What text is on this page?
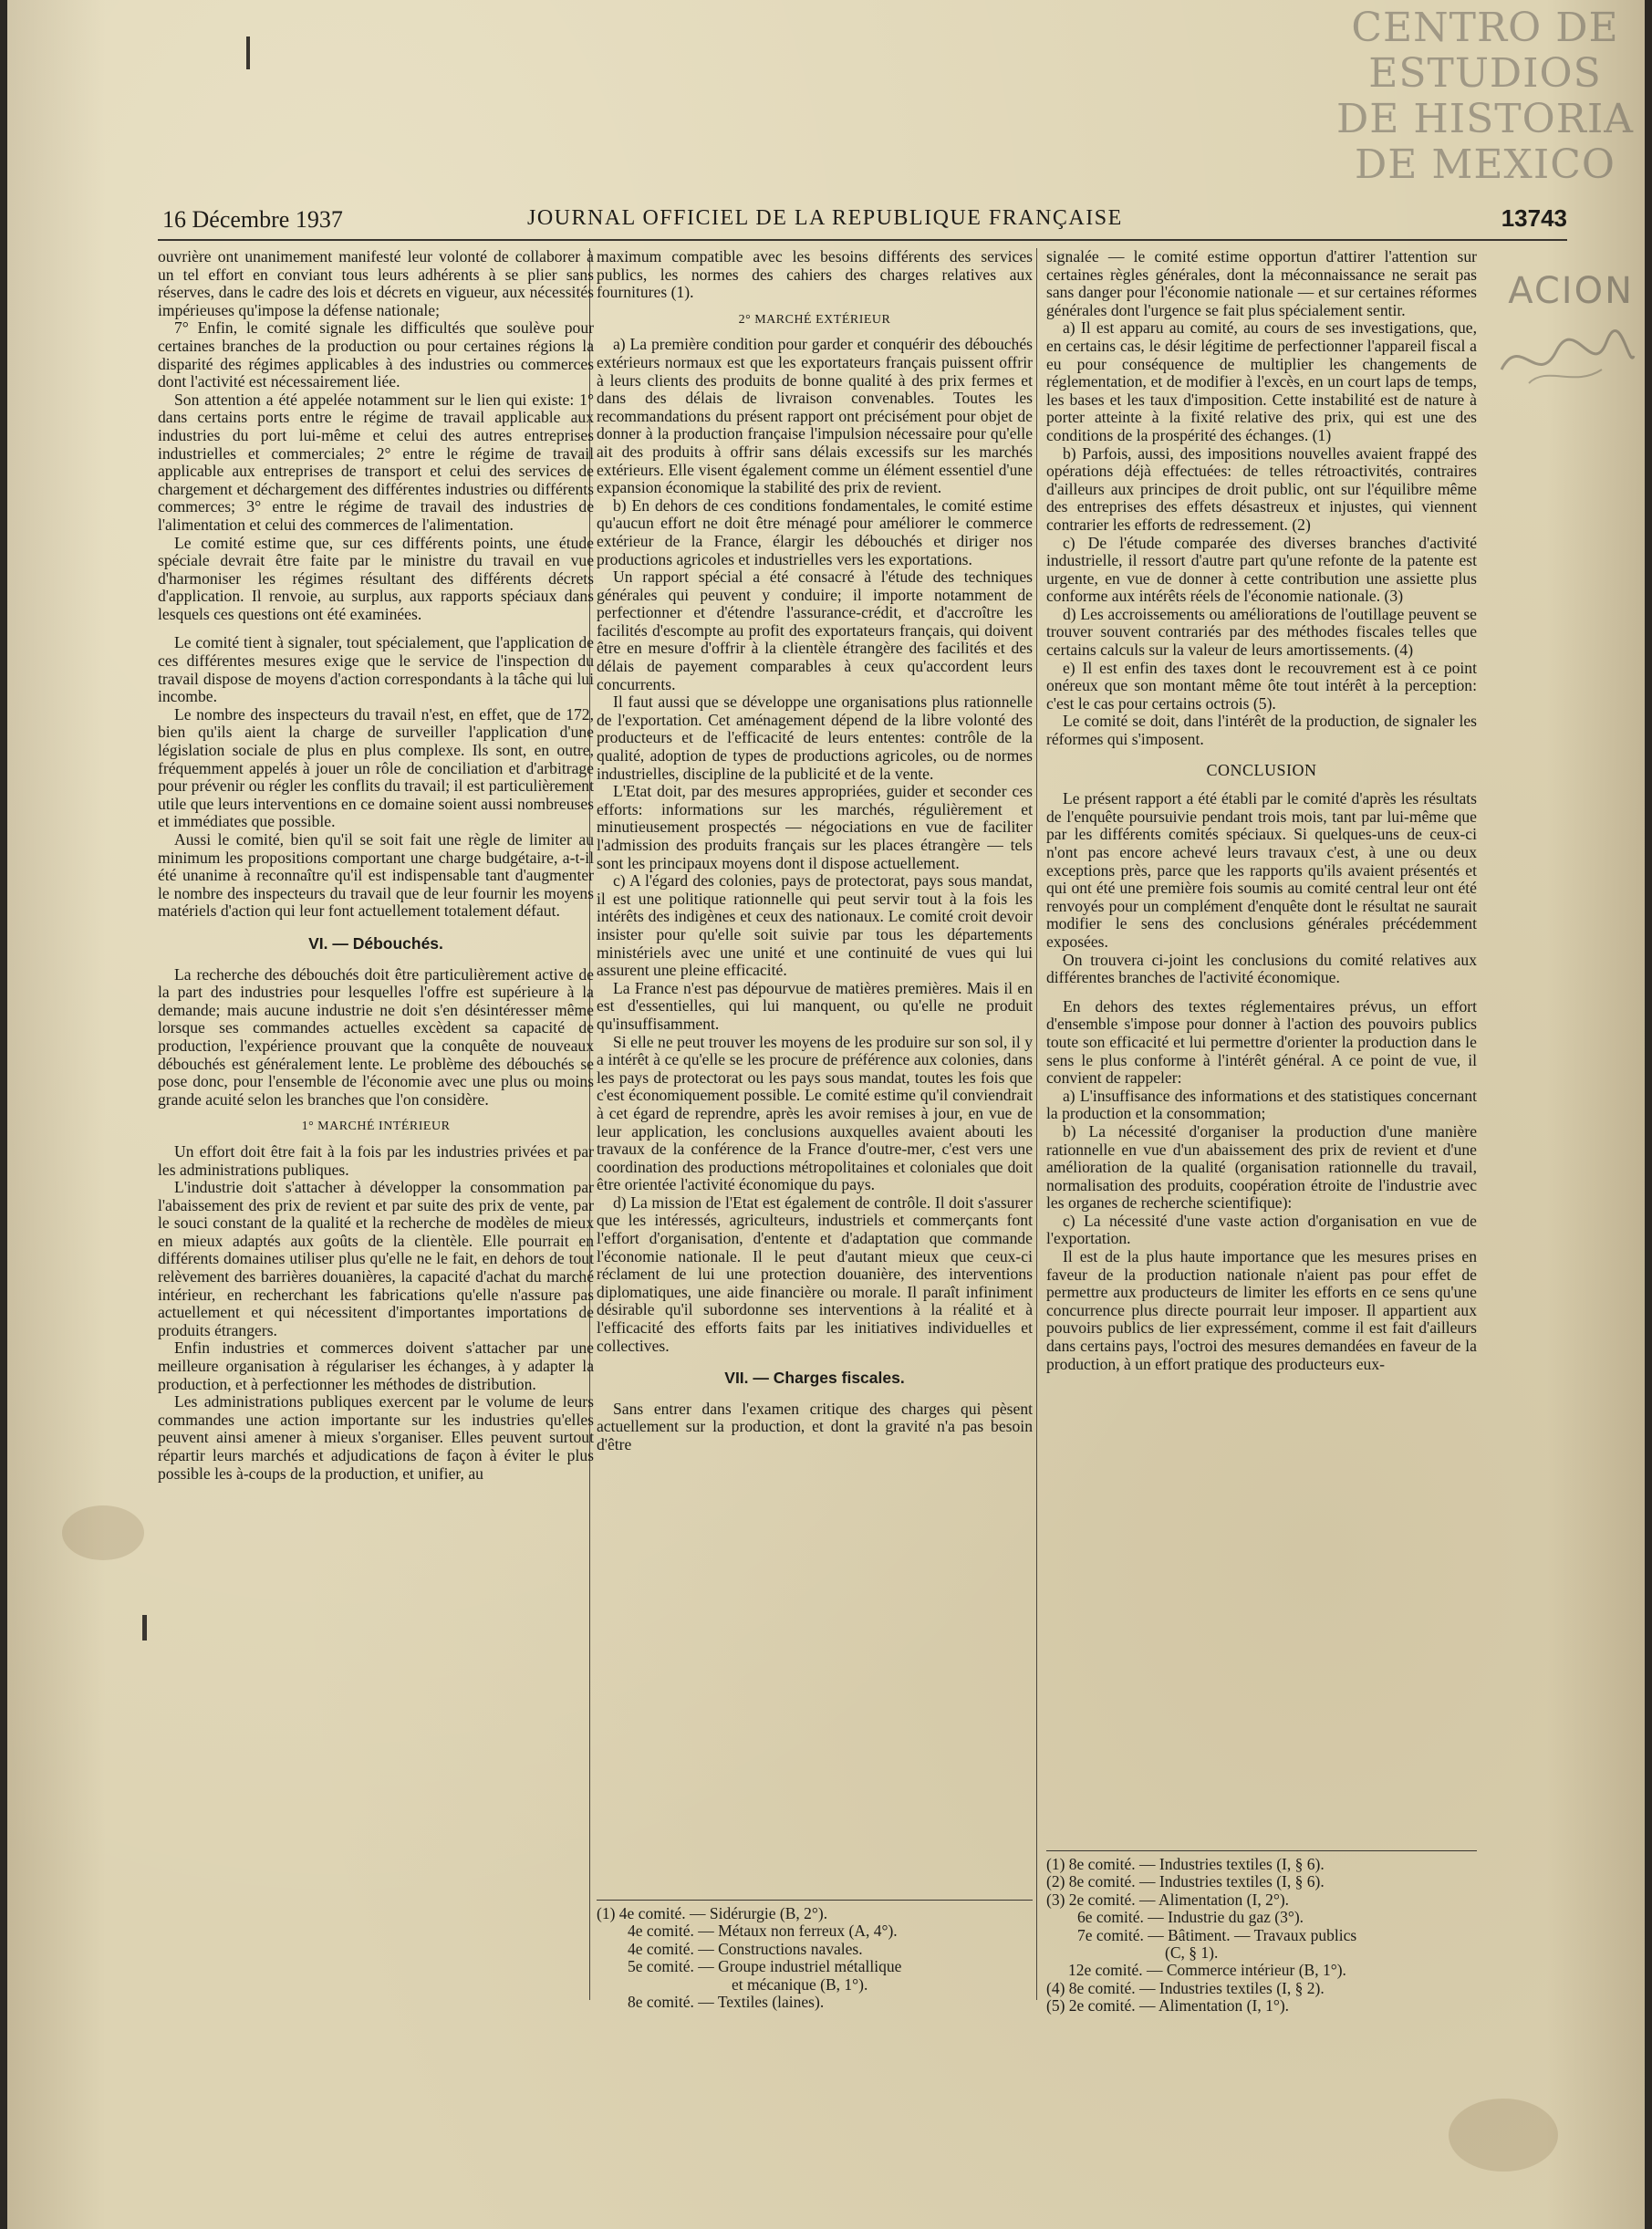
CENTRO DE
ESTUDIOS
DE HISTORIA
DE MEXICO
ACION
16 Décembre 1937	JOURNAL OFFICIEL DE LA REPUBLIQUE FRANÇAISE	13743

ouvrière ont unanimement manifesté leur volonté de collaborer à un tel effort en conviant tous leurs adhérents à se plier sans réserves, dans le cadre des lois et décrets en vigueur, aux nécessités impérieuses qu'impose la défense nationale;

7° Enfin, le comité signale les difficultés que soulève pour certaines branches de la production ou pour certaines régions la disparité des régimes applicables à des industries ou commerces dont l'activité est nécessairement liée.

Son attention a été appelée notamment sur le lien qui existe: 1° dans certains ports entre le régime de travail applicable aux industries du port lui-même et celui des autres entreprises industrielles et commerciales; 2° entre le régime de travail applicable aux entreprises de transport et celui des services de chargement et déchargement des différentes industries ou différents commerces; 3° entre le régime de travail des industries de l'alimentation et celui des commerces de l'alimentation.

Le comité estime que, sur ces différents points, une étude spéciale devrait être faite par le ministre du travail en vue d'harmoniser les régimes résultant des différents décrets d'application. Il renvoie, au surplus, aux rapports spéciaux dans lesquels ces questions ont été examinées.

Le comité tient à signaler, tout spécialement, que l'application de ces différentes mesures exige que le service de l'inspection du travail dispose de moyens d'action correspondants à la tâche qui lui incombe.

Le nombre des inspecteurs du travail n'est, en effet, que de 172, bien qu'ils aient la charge de surveiller l'application d'une législation sociale de plus en plus complexe. Ils sont, en outre, fréquemment appelés à jouer un rôle de conciliation et d'arbitrage pour prévenir ou régler les conflits du travail; il est particulièrement utile que leurs interventions en ce domaine soient aussi nombreuses et immédiates que possible.

Aussi le comité, bien qu'il se soit fait une règle de limiter au minimum les propositions comportant une charge budgétaire, a-t-il été unanime à reconnaître qu'il est indispensable tant d'augmenter le nombre des inspecteurs du travail que de leur fournir les moyens matériels d'action qui leur font actuellement totalement défaut.

VI. — Débouchés.

La recherche des débouchés doit être particulièrement active de la part des industries pour lesquelles l'offre est supérieure à la demande; mais aucune industrie ne doit s'en désintéresser même lorsque ses commandes actuelles excèdent sa capacité de production, l'expérience prouvant que la conquête de nouveaux débouchés est généralement lente. Le problème des débouchés se pose donc, pour l'ensemble de l'économie avec une plus ou moins grande acuité selon les branches que l'on considère.

1° MARCHÉ INTÉRIEUR

Un effort doit être fait à la fois par les industries privées et par les administrations publiques.

L'industrie doit s'attacher à développer la consommation par l'abaissement des prix de revient et par suite des prix de vente, par le souci constant de la qualité et la recherche de modèles de mieux en mieux adaptés aux goûts de la clientèle. Elle pourrait en différents domaines utiliser plus qu'elle ne le fait, en dehors de tout relèvement des barrières douanières, la capacité d'achat du marché intérieur, en recherchant les fabrications qu'elle n'assure pas actuellement et qui nécessitent d'importantes importations de produits étrangers.

Enfin industries et commerces doivent s'attacher par une meilleure organisation à régulariser les échanges, à y adapter la production, et à perfectionner les méthodes de distribution.

Les administrations publiques exercent par le volume de leurs commandes une action importante sur les industries qu'elles peuvent ainsi amener à mieux s'organiser. Elles peuvent surtout répartir leurs marchés et adjudications de façon à éviter le plus possible les à-coups de la production, et unifier, au

maximum compatible avec les besoins différents des services publics, les normes des cahiers des charges relatives aux fournitures (1).

2° MARCHÉ EXTÉRIEUR

a) La première condition pour garder et conquérir des débouchés extérieurs normaux est que les exportateurs français puissent offrir à leurs clients des produits de bonne qualité à des prix fermes et dans des délais de livraison convenables. Toutes les recommandations du présent rapport ont précisément pour objet de donner à la production française l'impulsion nécessaire pour qu'elle ait des produits à offrir sans délais excessifs sur les marchés extérieurs. Elle visent également comme un élément essentiel d'une expansion économique la stabilité des prix de revient.

b) En dehors de ces conditions fondamentales, le comité estime qu'aucun effort ne doit être ménagé pour améliorer le commerce extérieur de la France, élargir les débouchés et diriger nos productions agricoles et industrielles vers les exportations.

Un rapport spécial a été consacré à l'étude des techniques générales qui peuvent y conduire; il importe notamment de perfectionner et d'étendre l'assurance-crédit, et d'accroître les facilités d'escompte au profit des exportateurs français, qui doivent être en mesure d'offrir à la clientèle étrangère des facilités et des délais de payement comparables à ceux qu'accordent leurs concurrents.

Il faut aussi que se développe une organisations plus rationnelle de l'exportation. Cet aménagement dépend de la libre volonté des producteurs et de l'efficacité de leurs ententes: contrôle de la qualité, adoption de types de productions agricoles, ou de normes industrielles, discipline de la publicité et de la vente.

L'Etat doit, par des mesures appropriées, guider et seconder ces efforts: informations sur les marchés, régulièrement et minutieusement prospectés — négociations en vue de faciliter l'admission des produits français sur les places étrangère — tels sont les principaux moyens dont il dispose actuellement.

c) A l'égard des colonies, pays de protectorat, pays sous mandat, il est une politique rationnelle qui peut servir tout à la fois les intérêts des indigènes et ceux des nationaux. Le comité croit devoir insister pour qu'elle soit suivie par tous les départements ministériels avec une unité et une continuité de vues qui lui assurent une pleine efficacité.

La France n'est pas dépourvue de matières premières. Mais il en est d'essentielles, qui lui manquent, ou qu'elle ne produit qu'insuffisamment.

Si elle ne peut trouver les moyens de les produire sur son sol, il y a intérêt à ce qu'elle se les procure de préférence aux colonies, dans les pays de protectorat ou les pays sous mandat, toutes les fois que c'est économiquement possible. Le comité estime qu'il conviendrait à cet égard de reprendre, après les avoir remises à jour, en vue de leur application, les conclusions auxquelles avaient abouti les travaux de la conférence de la France d'outre-mer, c'est vers une coordination des productions métropolitaines et coloniales que doit être orientée l'activité économique du pays.

d) La mission de l'Etat est également de contrôle. Il doit s'assurer que les intéressés, agriculteurs, industriels et commerçants font l'effort d'organisation, d'entente et d'adaptation que commande l'économie nationale. Il le peut d'autant mieux que ceux-ci réclament de lui une protection douanière, des interventions diplomatiques, une aide financière ou morale. Il paraît infiniment désirable qu'il subordonne ses interventions à la réalité et à l'efficacité des efforts faits par les initiatives individuelles et collectives.

VII. — Charges fiscales.

Sans entrer dans l'examen critique des charges qui pèsent actuellement sur la production, et dont la gravité n'a pas besoin d'être

(1) 4e comité. — Sidérurgie (B, 2°).
4e comité. — Métaux non ferreux (A, 4°).
4e comité. — Constructions navales.
5e comité. — Groupe industriel métallique
et mécanique (B, 1°).
8e comité. — Textiles (laines).

signalée — le comité estime opportun d'attirer l'attention sur certaines règles générales, dont la méconnaissance ne serait pas sans danger pour l'économie nationale — et sur certaines réformes générales dont l'urgence se fait plus spécialement sentir.

a) Il est apparu au comité, au cours de ses investigations, que, en certains cas, le désir légitime de perfectionner l'appareil fiscal a eu pour conséquence de multiplier les changements de réglementation, et de modifier à l'excès, en un court laps de temps, les bases et les taux d'imposition. Cette instabilité est de nature à porter atteinte à la fixité relative des prix, qui est une des conditions de la prospérité des échanges. (1)

b) Parfois, aussi, des impositions nouvelles avaient frappé des opérations déjà effectuées: de telles rétroactivités, contraires d'ailleurs aux principes de droit public, ont sur l'équilibre même des entreprises des effets désastreux et injustes, qui viennent contrarier les efforts de redressement. (2)

c) De l'étude comparée des diverses branches d'activité industrielle, il ressort d'autre part qu'une refonte de la patente est urgente, en vue de donner à cette contribution une assiette plus conforme aux intérêts réels de l'économie nationale. (3)

d) Les accroissements ou améliorations de l'outillage peuvent se trouver souvent contrariés par des méthodes fiscales telles que certains calculs sur la valeur de leurs amortissements. (4)

e) Il est enfin des taxes dont le recouvrement est à ce point onéreux que son montant même ôte tout intérêt à la perception: c'est le cas pour certains octrois (5).

Le comité se doit, dans l'intérêt de la production, de signaler les réformes qui s'imposent.

CONCLUSION

Le présent rapport a été établi par le comité d'après les résultats de l'enquête poursuivie pendant trois mois, tant par lui-même que par les différents comités spéciaux. Si quelques-uns de ceux-ci n'ont pas encore achevé leurs travaux c'est, à une ou deux exceptions près, parce que les rapports qu'ils avaient présentés et qui ont été une première fois soumis au comité central leur ont été renvoyés pour un complément d'enquête dont le résultat ne saurait modifier le sens des conclusions générales précédemment exposées.

On trouvera ci-joint les conclusions du comité relatives aux différentes branches de l'activité économique.

En dehors des textes réglementaires prévus, un effort d'ensemble s'impose pour donner à l'action des pouvoirs publics toute son efficacité et lui permettre d'orienter la production dans le sens le plus conforme à l'intérêt général. A ce point de vue, il convient de rappeler:

a) L'insuffisance des informations et des statistiques concernant la production et la consommation;

b) La nécessité d'organiser la production d'une manière rationnelle en vue d'un abaissement des prix de revient et d'une amélioration de la qualité (organisation rationnelle du travail, normalisation des produits, coopération étroite de l'industrie avec les organes de recherche scientifique):

c) La nécessité d'une vaste action d'organisation en vue de l'exportation.

Il est de la plus haute importance que les mesures prises en faveur de la production nationale n'aient pas pour effet de permettre aux producteurs de limiter les efforts en ce sens qu'une concurrence plus directe pourrait leur imposer. Il appartient aux pouvoirs publics de lier expressément, comme il est fait d'ailleurs dans certains pays, l'octroi des mesures demandées en faveur de la production, à un effort pratique des producteurs eux-

(1) 8e comité. — Industries textiles (I, § 6).
(2) 8e comité. — Industries textiles (I, § 6).
(3) 2e comité. — Alimentation (I, 2°).
6e comité. — Industrie du gaz (3°).
7e comité. — Bâtiment. — Travaux publics
(C, § 1).
12e comité. — Commerce intérieur (B, 1°).
(4) 8e comité. — Industries textiles (I, § 2).
(5) 2e comité. — Alimentation (I, 1°).
